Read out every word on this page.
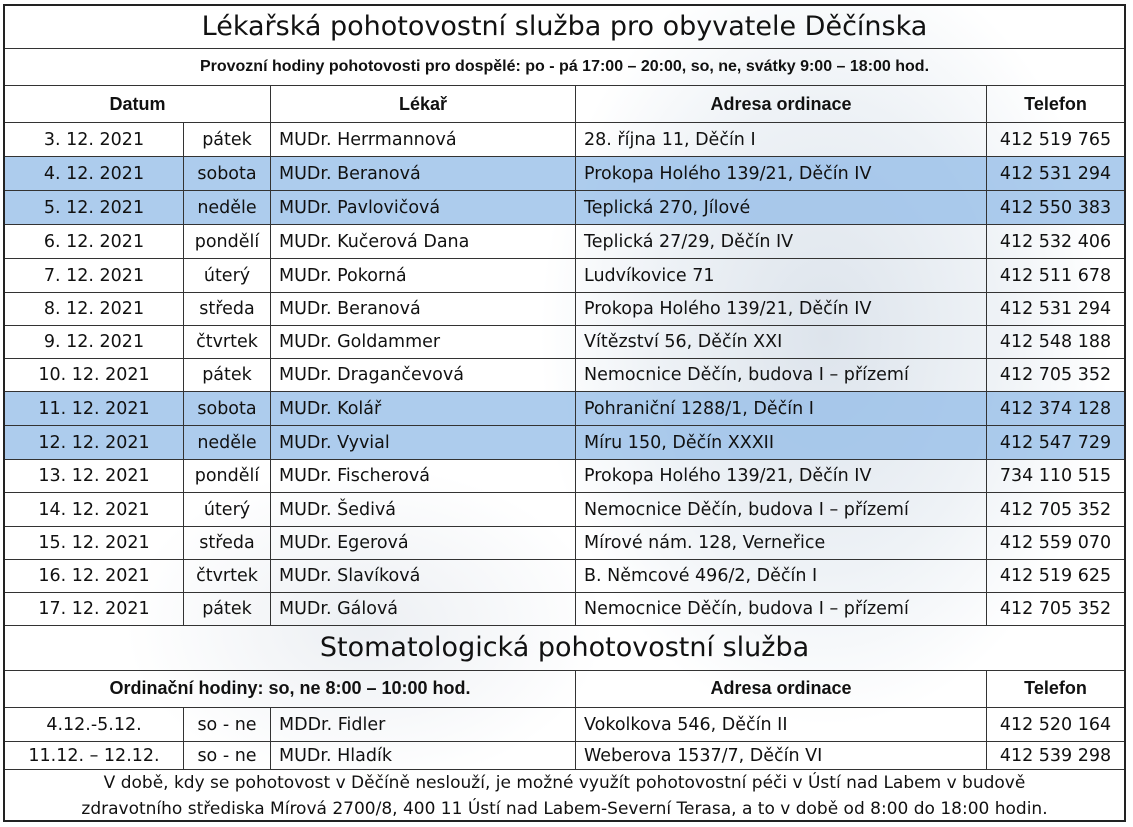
Lékařská pohotovostní služba pro obyvatele Děčínska
Provozní hodiny pohotovosti pro dospělé: po - pá 17:00 – 20:00, so, ne, svátky 9:00 – 18:00 hod.
Datum	Lékař	Adresa ordinace	Telefon
3. 12. 2021	pátek	MUDr. Herrmannová	28. října 11, Děčín I	412 519 765
4. 12. 2021	sobota	MUDr. Beranová	Prokopa Holého 139/21, Děčín IV	412 531 294
5. 12. 2021	neděle	MUDr. Pavlovičová	Teplická 270, Jílové	412 550 383
6. 12. 2021	pondělí	MUDr. Kučerová Dana	Teplická 27/29, Děčín IV	412 532 406
7. 12. 2021	úterý	MUDr. Pokorná	Ludvíkovice 71	412 511 678
8. 12. 2021	středa	MUDr. Beranová	Prokopa Holého 139/21, Děčín IV	412 531 294
9. 12. 2021	čtvrtek	MUDr. Goldammer	Vítězství 56, Děčín XXI	412 548 188
10. 12. 2021	pátek	MUDr. Dragančevová	Nemocnice Děčín, budova I – přízemí	412 705 352
11. 12. 2021	sobota	MUDr. Kolář	Pohraniční 1288/1, Děčín I	412 374 128
12. 12. 2021	neděle	MUDr. Vyvial	Míru 150, Děčín XXXII	412 547 729
13. 12. 2021	pondělí	MUDr. Fischerová	Prokopa Holého 139/21, Děčín IV	734 110 515
14. 12. 2021	úterý	MUDr. Šedivá	Nemocnice Děčín, budova I – přízemí	412 705 352
15. 12. 2021	středa	MUDr. Egerová	Mírové nám. 128, Verneřice	412 559 070
16. 12. 2021	čtvrtek	MUDr. Slavíková	B. Němcové 496/2, Děčín I	412 519 625
17. 12. 2021	pátek	MUDr. Gálová	Nemocnice Děčín, budova I – přízemí	412 705 352
Stomatologická pohotovostní služba
Ordinační hodiny: so, ne 8:00 – 10:00 hod.	Adresa ordinace	Telefon
4.12.-5.12.	so - ne	MDDr. Fidler	Vokolkova 546, Děčín II	412 520 164
11.12. – 12.12.	so - ne	MUDr. Hladík	Weberova 1537/7, Děčín VI	412 539 298
V době, kdy se pohotovost v Děčíně neslouží, je možné využít pohotovostní péči v Ústí nad Labem v budově
zdravotního střediska Mírová 2700/8, 400 11 Ústí nad Labem-Severní Terasa, a to v době od 8:00 do 18:00 hodin.
